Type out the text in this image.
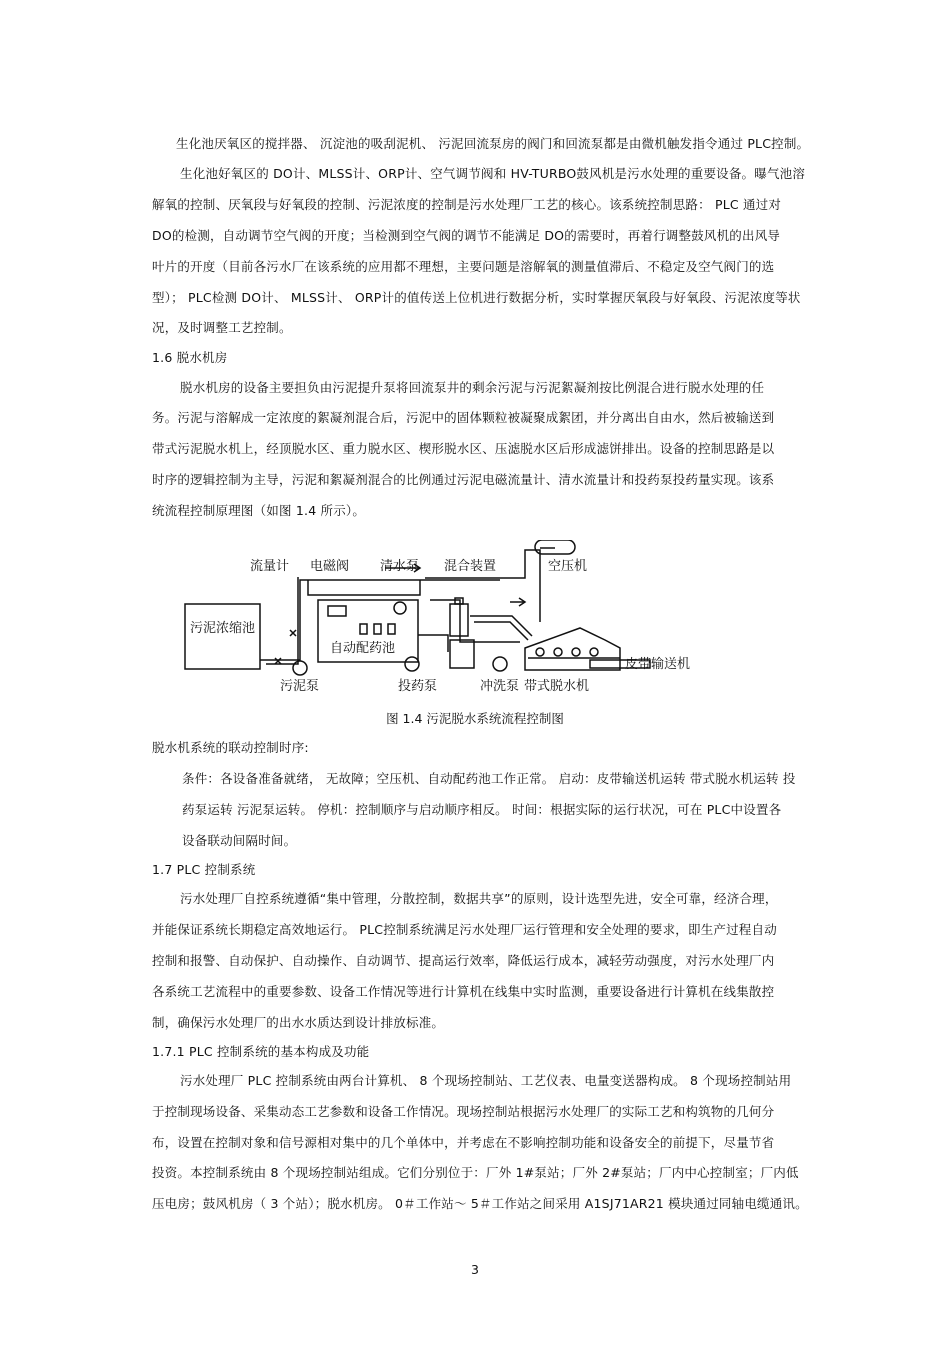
生化池厌氧区的搅拌器、 沉淀池的吸刮泥机、 污泥回流泵房的阀门和回流泵都是由微机触发指令通过 PLC控制。
生化池好氧区的 DO计、MLSS计、ORP计、空气调节阀和 HV-TURBO鼓风机是污水处理的重要设备。曝气池溶
解氧的控制、厌氧段与好氧段的控制、污泥浓度的控制是污水处理厂工艺的核心。该系统控制思路： PLC 通过对
DO的检测，自动调节空气阀的开度；当检测到空气阀的调节不能满足 DO的需要时，再着行调整鼓风机的出风导
叶片的开度（目前各污水厂在该系统的应用都不理想，主要问题是溶解氧的测量值滞后、不稳定及空气阀门的选
型）； PLC检测 DO计、 MLSS计、 ORP计的值传送上位机进行数据分析，实时掌握厌氧段与好氧段、污泥浓度等状
况，及时调整工艺控制。
1.6 脱水机房
脱水机房的设备主要担负由污泥提升泵将回流泵井的剩余污泥与污泥絮凝剂按比例混合进行脱水处理的任
务。污泥与溶解成一定浓度的絮凝剂混合后，污泥中的固体颗粒被凝聚成絮团，并分离出自由水，然后被输送到
带式污泥脱水机上，经顶脱水区、重力脱水区、楔形脱水区、压滤脱水区后形成滤饼排出。设备的控制思路是以
时序的逻辑控制为主导，污泥和絮凝剂混合的比例通过污泥电磁流量计、清水流量计和投药泵投药量实现。该系
统流程控制原理图（如图 1.4 所示）。
流量计 电磁阀 清水泵 混合装置	空压机
污泥浓缩池
自动配药池
皮带输送机
污泥泵	投药泵	冲洗泵 带式脱水机
图 1.4 污泥脱水系统流程控制图
脱水机系统的联动控制时序:
条件：各设备准备就绪， 无故障；空压机、自动配药池工作正常。 启动：皮带输送机运转 带式脱水机运转 投
药泵运转 污泥泵运转。 停机：控制顺序与启动顺序相反。 时间：根据实际的运行状况，可在 PLC中设置各
设备联动间隔时间。
1.7 PLC 控制系统
污水处理厂自控系统遵循“集中管理，分散控制，数据共享”的原则，设计选型先进，安全可靠，经济合理，
并能保证系统长期稳定高效地运行。 PLC控制系统满足污水处理厂运行管理和安全处理的要求，即生产过程自动
控制和报警、自动保护、自动操作、自动调节、提高运行效率，降低运行成本，减轻劳动强度，对污水处理厂内
各系统工艺流程中的重要参数、设备工作情况等进行计算机在线集中实时监测，重要设备进行计算机在线集散控
制，确保污水处理厂的出水水质达到设计排放标准。
1.7.1 PLC 控制系统的基本构成及功能
污水处理厂 PLC 控制系统由两台计算机、 8 个现场控制站、工艺仪表、电量变送器构成。 8 个现场控制站用
于控制现场设备、采集动态工艺参数和设备工作情况。现场控制站根据污水处理厂的实际工艺和构筑物的几何分
布，设置在控制对象和信号源相对集中的几个单体中，并考虑在不影响控制功能和设备安全的前提下，尽量节省
投资。本控制系统由 8 个现场控制站组成。它们分别位于：厂外 1#泵站；厂外 2#泵站；厂内中心控制室；厂内低
压电房；鼓风机房（ 3 个站）；脱水机房。 0＃工作站～ 5＃工作站之间采用 A1SJ71AR21 模块通过同轴电缆通讯。
3
